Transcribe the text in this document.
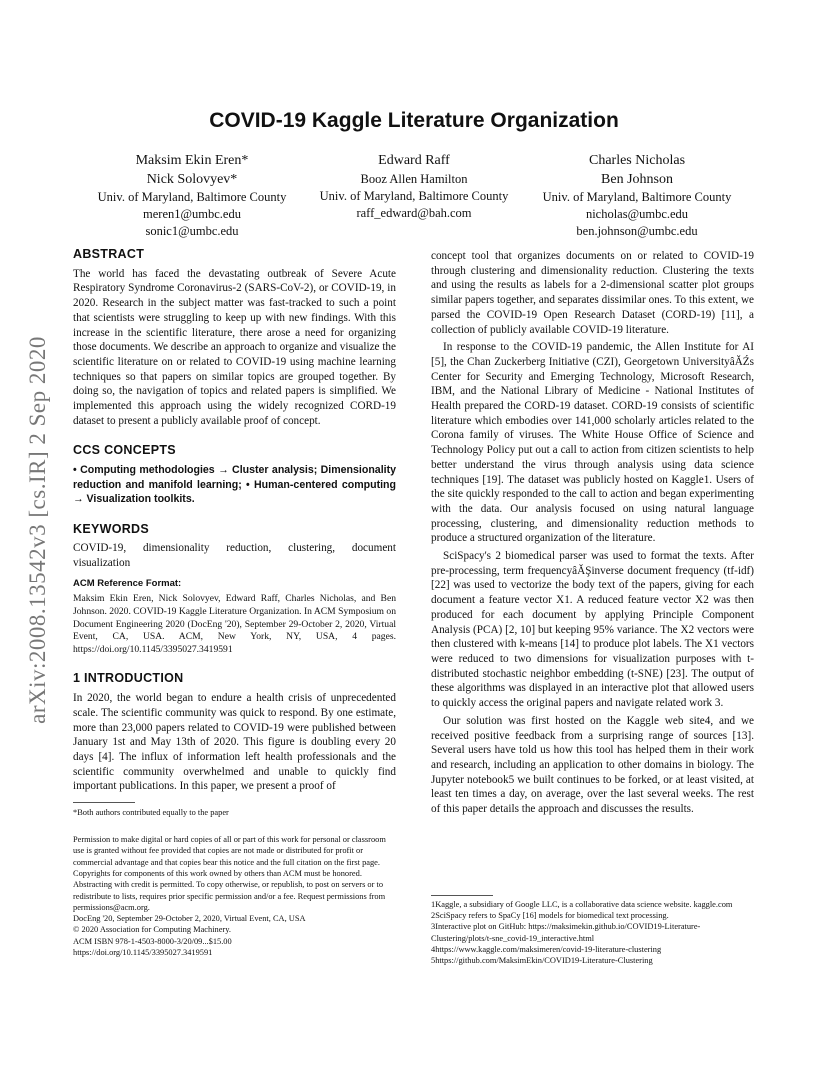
arXiv:2008.13542v3 [cs.IR] 2 Sep 2020
COVID-19 Kaggle Literature Organization
Maksim Ekin Eren*
Nick Solovyev*
Univ. of Maryland, Baltimore County
meren1@umbc.edu
sonic1@umbc.edu
Edward Raff
Booz Allen Hamilton
Univ. of Maryland, Baltimore County
raff_edward@bah.com
Charles Nicholas
Ben Johnson
Univ. of Maryland, Baltimore County
nicholas@umbc.edu
ben.johnson@umbc.edu
ABSTRACT

The world has faced the devastating outbreak of Severe Acute Respiratory Syndrome Coronavirus-2 (SARS-CoV-2), or COVID-19, in 2020. Research in the subject matter was fast-tracked to such a point that scientists were struggling to keep up with new findings. With this increase in the scientific literature, there arose a need for organizing those documents. We describe an approach to organize and visualize the scientific literature on or related to COVID-19 using machine learning techniques so that papers on similar topics are grouped together. By doing so, the navigation of topics and related papers is simplified. We implemented this approach using the widely recognized CORD-19 dataset to present a publicly available proof of concept.

CCS CONCEPTS

• Computing methodologies → Cluster analysis; Dimensionality reduction and manifold learning; • Human-centered computing → Visualization toolkits.

KEYWORDS

COVID-19, dimensionality reduction, clustering, document visualization

ACM Reference Format:

Maksim Ekin Eren, Nick Solovyev, Edward Raff, Charles Nicholas, and Ben Johnson. 2020. COVID-19 Kaggle Literature Organization. In ACM Symposium on Document Engineering 2020 (DocEng '20), September 29-October 2, 2020, Virtual Event, CA, USA. ACM, New York, NY, USA, 4 pages. https://doi.org/10.1145/3395027.3419591

1 INTRODUCTION

In 2020, the world began to endure a health crisis of unprecedented scale. The scientific community was quick to respond. By one estimate, more than 23,000 papers related to COVID-19 were published between January 1st and May 13th of 2020. This figure is doubling every 20 days [4]. The influx of information left health professionals and the scientific community overwhelmed and unable to quickly find important publications. In this paper, we present a proof of

*Both authors contributed equally to the paper

Permission to make digital or hard copies of all or part of this work for personal or classroom use is granted without fee provided that copies are not made or distributed for profit or commercial advantage and that copies bear this notice and the full citation on the first page. Copyrights for components of this work owned by others than ACM must be honored. Abstracting with credit is permitted. To copy otherwise, or republish, to post on servers or to redistribute to lists, requires prior specific permission and/or a fee. Request permissions from permissions@acm.org.

DocEng '20, September 29-October 2, 2020, Virtual Event, CA, USA

© 2020 Association for Computing Machinery.

ACM ISBN 978-1-4503-8000-3/20/09...$15.00

https://doi.org/10.1145/3395027.3419591

concept tool that organizes documents on or related to COVID-19 through clustering and dimensionality reduction. Clustering the texts and using the results as labels for a 2-dimensional scatter plot groups similar papers together, and separates dissimilar ones. To this extent, we parsed the COVID-19 Open Research Dataset (CORD-19) [11], a collection of publicly available COVID-19 literature.

In response to the COVID-19 pandemic, the Allen Institute for AI [5], the Chan Zuckerberg Initiative (CZI), Georgetown UniversityâĂŹs Center for Security and Emerging Technology, Microsoft Research, IBM, and the National Library of Medicine - National Institutes of Health prepared the CORD-19 dataset. CORD-19 consists of scientific literature which embodies over 141,000 scholarly articles related to the Corona family of viruses. The White House Office of Science and Technology Policy put out a call to action from citizen scientists to help better understand the virus through analysis using data science techniques [19]. The dataset was publicly hosted on Kaggle1. Users of the site quickly responded to the call to action and began experimenting with the data. Our analysis focused on using natural language processing, clustering, and dimensionality reduction methods to produce a structured organization of the literature.

SciSpacy's 2 biomedical parser was used to format the texts. After pre-processing, term frequencyâĂŞinverse document frequency (tf-idf) [22] was used to vectorize the body text of the papers, giving for each document a feature vector X1. A reduced feature vector X2 was then produced for each document by applying Principle Component Analysis (PCA) [2, 10] but keeping 95% variance. The X2 vectors were then clustered with k-means [14] to produce plot labels. The X1 vectors were reduced to two dimensions for visualization purposes with t-distributed stochastic neighbor embedding (t-SNE) [23]. The output of these algorithms was displayed in an interactive plot that allowed users to quickly access the original papers and navigate related work 3.

Our solution was first hosted on the Kaggle web site4, and we received positive feedback from a surprising range of sources [13]. Several users have told us how this tool has helped them in their work and research, including an application to other domains in biology. The Jupyter notebook5 we built continues to be forked, or at least visited, at least ten times a day, on average, over the last several weeks. The rest of this paper details the approach and discusses the results.

1Kaggle, a subsidiary of Google LLC, is a collaborative data science website. kaggle.com

2SciSpacy refers to SpaCy [16] models for biomedical text processing.

3Interactive plot on GitHub: https://maksimekin.github.io/COVID19-Literature-Clustering/plots/t-sne_covid-19_interactive.html

4https://www.kaggle.com/maksimeren/covid-19-literature-clustering

5https://github.com/MaksimEkin/COVID19-Literature-Clustering
